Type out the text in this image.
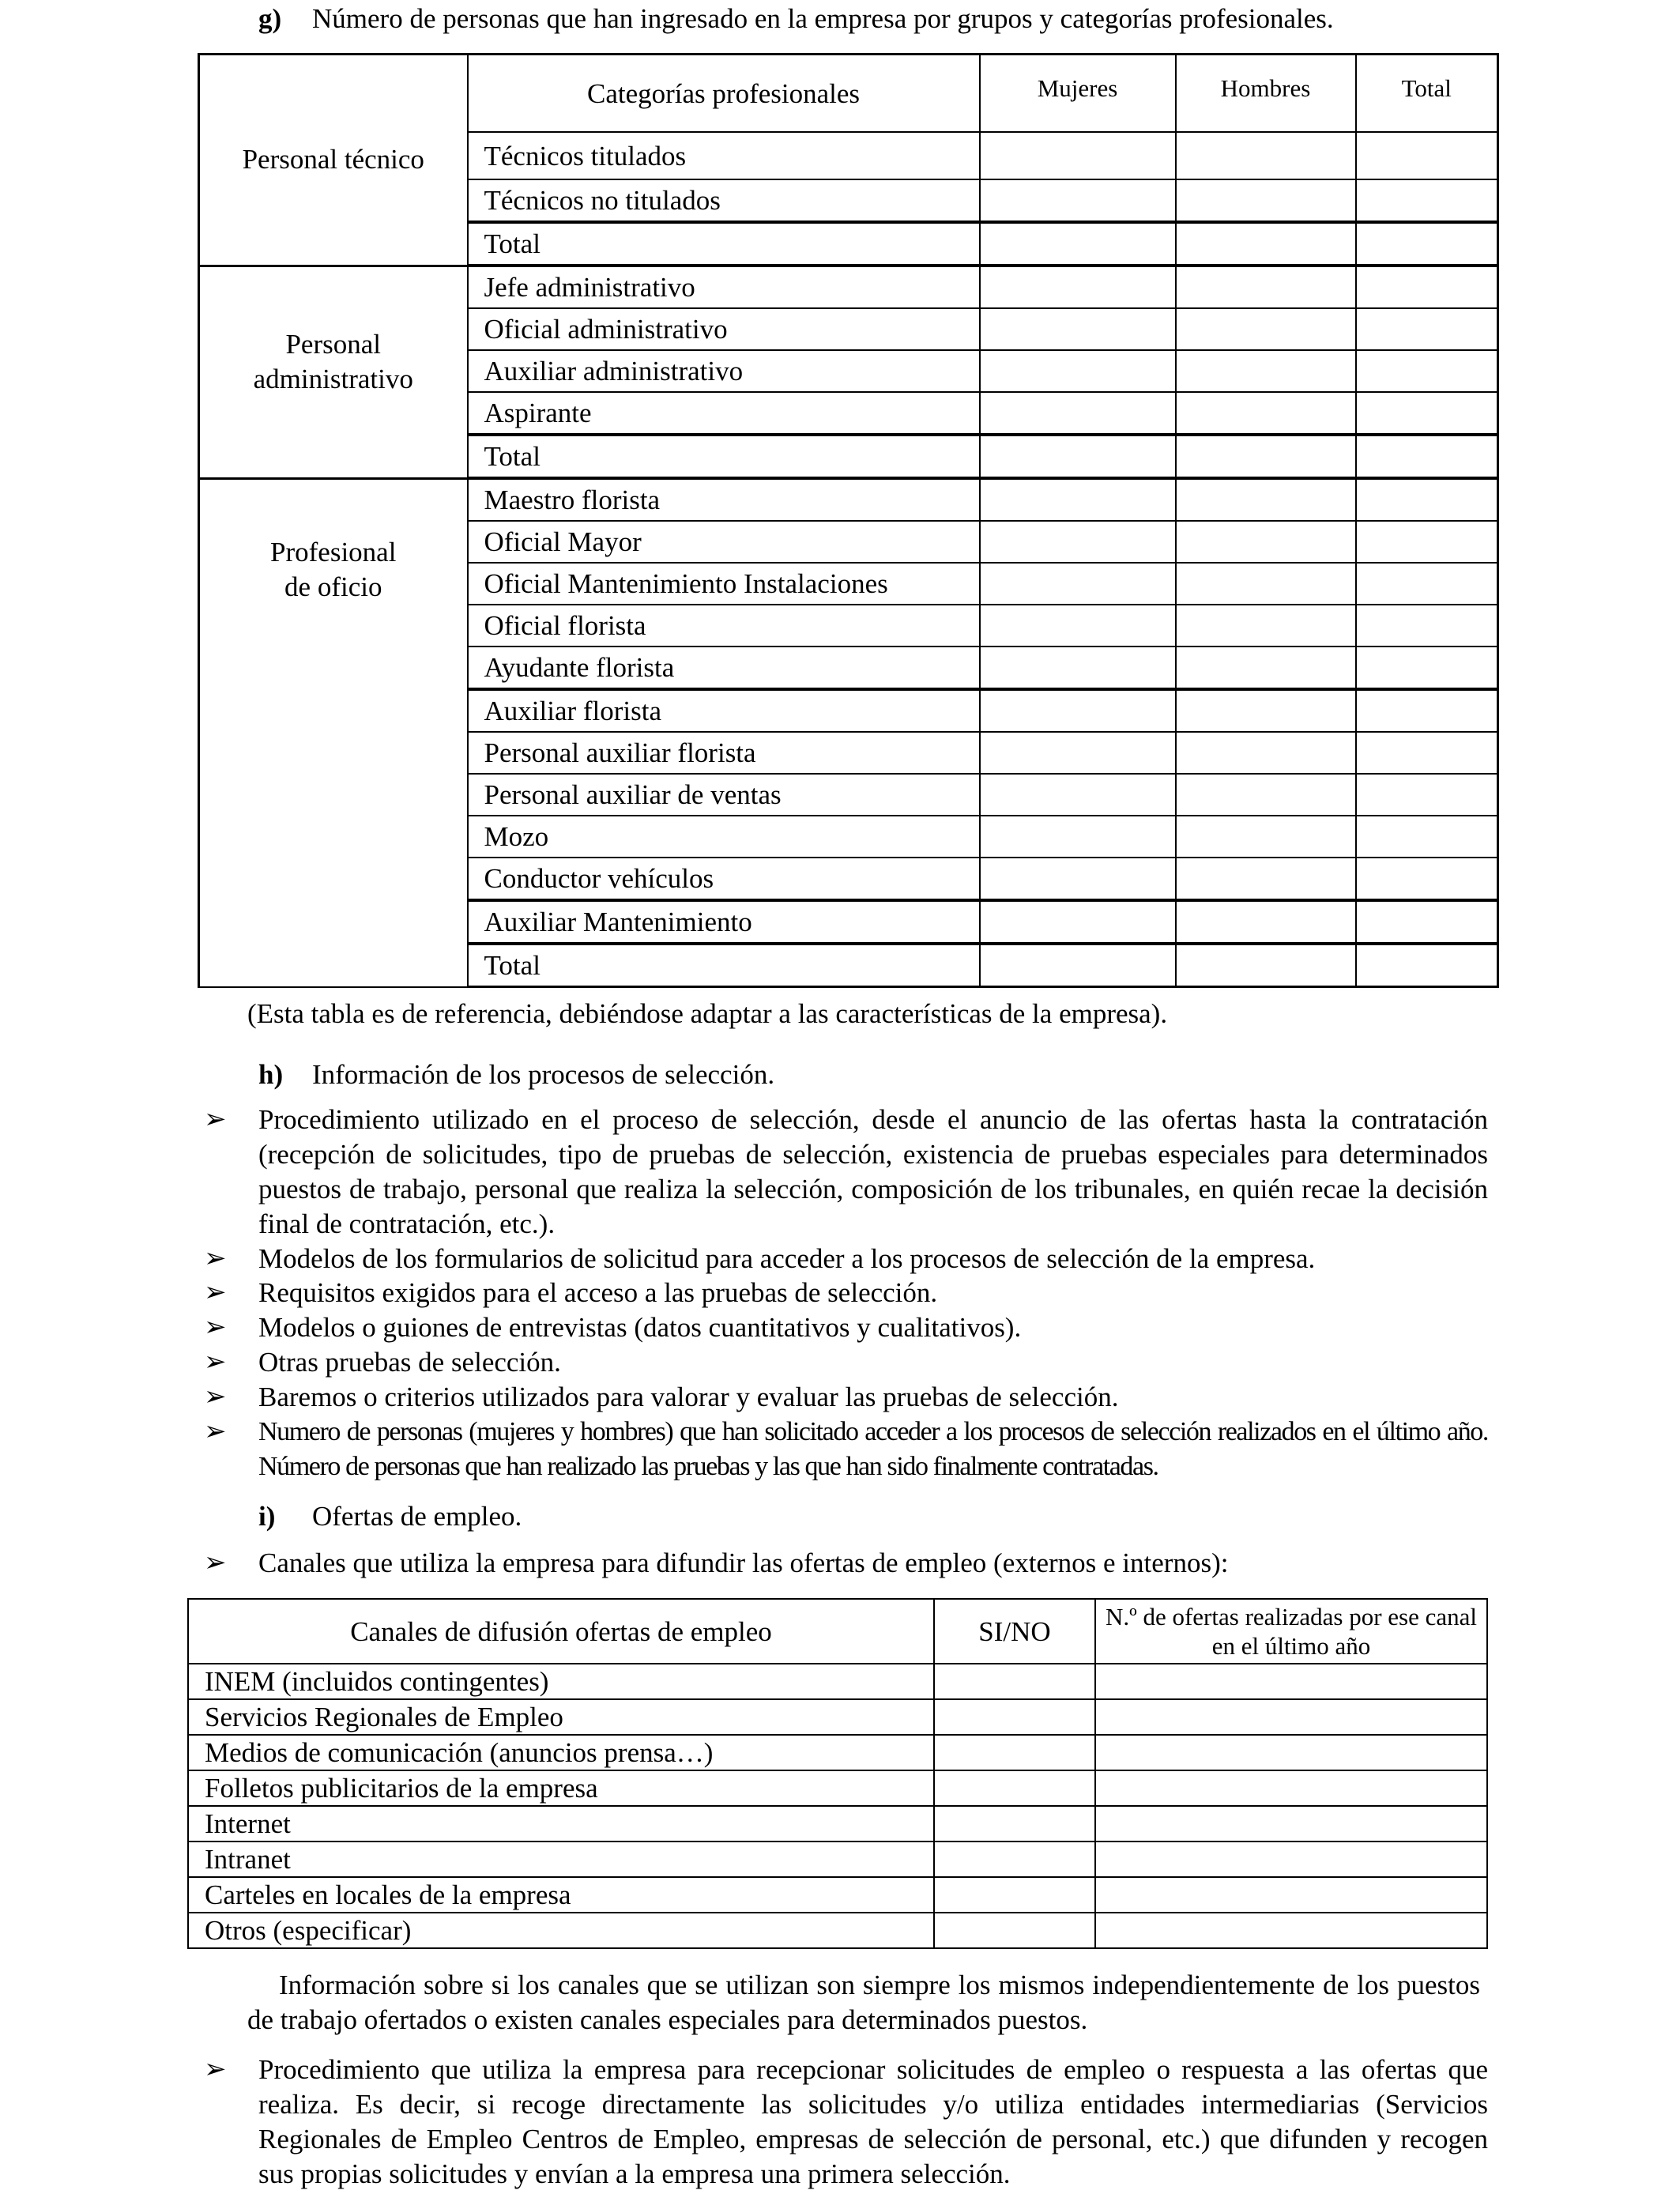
g) Número de personas que han ingresado en la empresa por grupos y categorías profesionales.
Personal técnico	Categorías profesionales	Mujeres	Hombres	Total
	Técnicos titulados			
	Técnicos no titulados			
	Total			

Personal
administrativo	Jefe administrativo			
	Oficial administrativo			
	Auxiliar administrativo			
	Aspirante			
	Total			

Profesional
de oficio	Maestro florista			
	Oficial Mayor			
	Oficial Mantenimiento Instalaciones			
	Oficial florista			
	Ayudante florista			
	Auxiliar florista			
	Personal auxiliar florista			
	Personal auxiliar de ventas			
	Mozo			
	Conductor vehículos			
	Auxiliar Mantenimiento			
	Total			
(Esta tabla es de referencia, debiéndose adaptar a las características de la empresa).
h) Información de los procesos de selección.
➢ Procedimiento utilizado en el proceso de selección, desde el anuncio de las ofertas hasta la contratación (recepción de solicitudes, tipo de pruebas de selección, existencia de pruebas especiales para determinados puestos de trabajo, personal que realiza la selección, composición de los tribunales, en quién recae la decisión final de contratación, etc.).
➢ Modelos de los formularios de solicitud para acceder a los procesos de selección de la empresa.
➢ Requisitos exigidos para el acceso a las pruebas de selección.
➢ Modelos o guiones de entrevistas (datos cuantitativos y cualitativos).
➢ Otras pruebas de selección.
➢ Baremos o criterios utilizados para valorar y evaluar las pruebas de selección.
➢ Numero de personas (mujeres y hombres) que han solicitado acceder a los procesos de selección realizados en el último año. Número de personas que han realizado las pruebas y las que han sido finalmente contratadas.
i) Ofertas de empleo.
➢ Canales que utiliza la empresa para difundir las ofertas de empleo (externos e internos):
Canales de difusión ofertas de empleo	SI/NO	N.º de ofertas realizadas por ese canal en el último año
INEM (incluidos contingentes)		
Servicios Regionales de Empleo		
Medios de comunicación (anuncios prensa…)		
Folletos publicitarios de la empresa		
Internet		
Intranet		
Carteles en locales de la empresa		
Otros (especificar)		
Información sobre si los canales que se utilizan son siempre los mismos independientemente de los puestos de trabajo ofertados o existen canales especiales para determinados puestos.
➢ Procedimiento que utiliza la empresa para recepcionar solicitudes de empleo o respuesta a las ofertas que realiza. Es decir, si recoge directamente las solicitudes y/o utiliza entidades intermediarias (Servicios Regionales de Empleo Centros de Empleo, empresas de selección de personal, etc.) que difunden y recogen sus propias solicitudes y envían a la empresa una primera selección.
